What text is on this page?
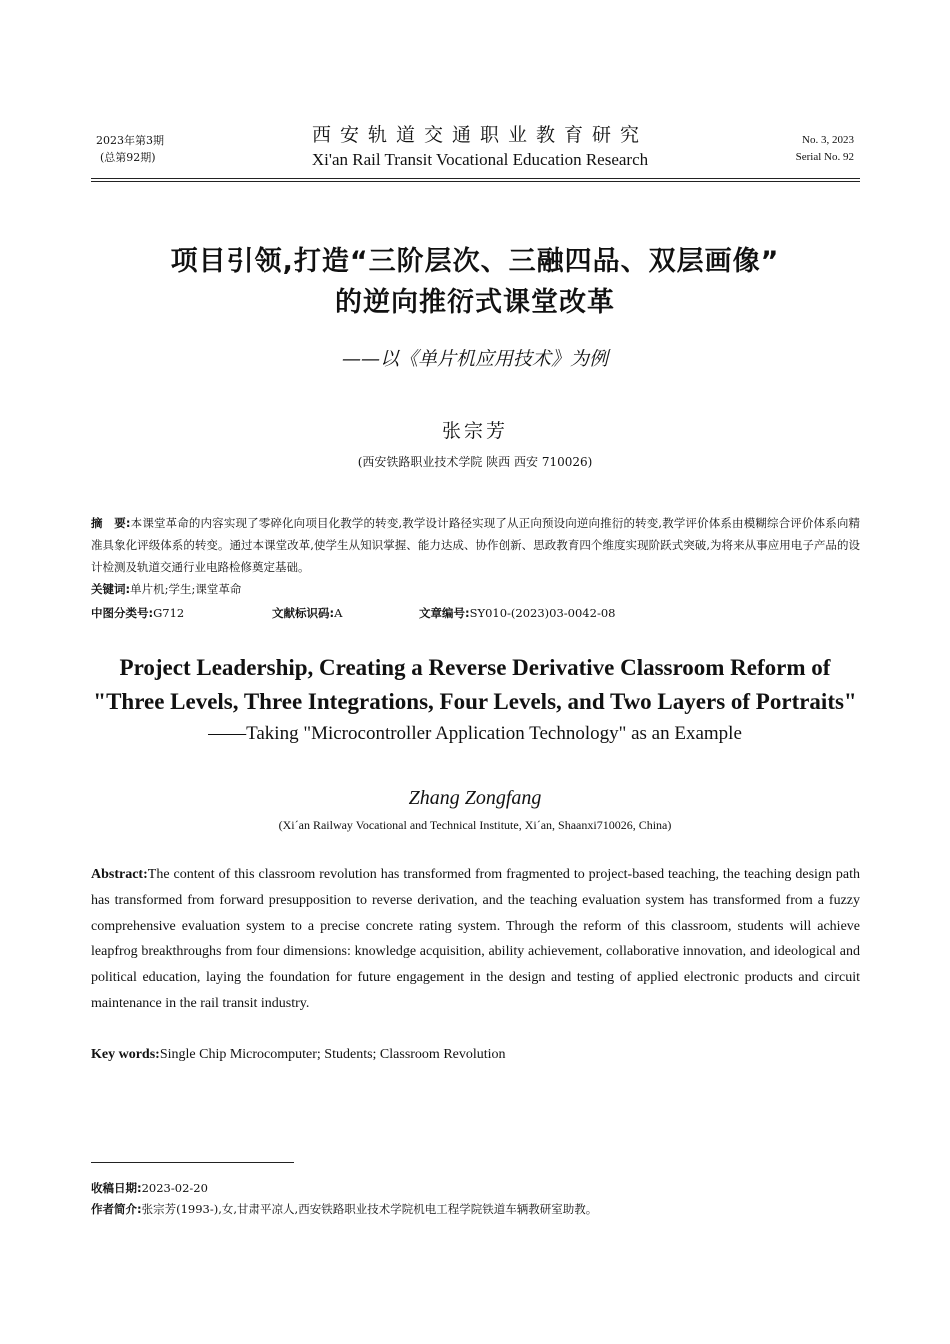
2023年第3期
(总第92期)
西安轨道交通职业教育研究
Xi'an Rail Transit Vocational Education Research
No. 3, 2023
Serial No. 92
项目引领,打造“三阶层次、三融四品、双层画像”
的逆向推衍式课堂改革
——以《单片机应用技术》为例
张宗芳
(西安铁路职业技术学院 陕西 西安 710026)
摘　要:本课堂革命的内容实现了零碎化向项目化教学的转变,教学设计路径实现了从正向预设向逆向推衍的转变,教学评价体系由模糊综合评价体系向精准具象化评级体系的转变。通过本课堂改革,使学生从知识掌握、能力达成、协作创新、思政教育四个维度实现阶跃式突破,为将来从事应用电子产品的设计检测及轨道交通行业电路检修奠定基础。
关键词:单片机;学生;课堂革命
中图分类号:G712	文献标识码:A	文章编号:SY010-(2023)03-0042-08
Project Leadership, Creating a Reverse Derivative Classroom Reform of
"Three Levels, Three Integrations, Four Levels, and Two Layers of Portraits"
——Taking "Microcontroller Application Technology" as an Example
Zhang Zongfang
(Xi´an Railway Vocational and Technical Institute, Xi´an, Shaanxi710026, China)
Abstract:The content of this classroom revolution has transformed from fragmented to project-based teaching, the teaching design path has transformed from forward presupposition to reverse derivation, and the teaching evaluation system has transformed from a fuzzy comprehensive evaluation system to a precise concrete rating system. Through the reform of this classroom, students will achieve leapfrog breakthroughs from four dimensions: knowledge acquisition, ability achievement, collaborative innovation, and ideological and political education, laying the foundation for future engagement in the design and testing of applied electronic products and circuit maintenance in the rail transit industry.
Key words:Single Chip Microcomputer; Students; Classroom Revolution
收稿日期:2023-02-20
作者简介:张宗芳(1993-),女,甘肃平凉人,西安铁路职业技术学院机电工程学院铁道车辆教研室助教。
